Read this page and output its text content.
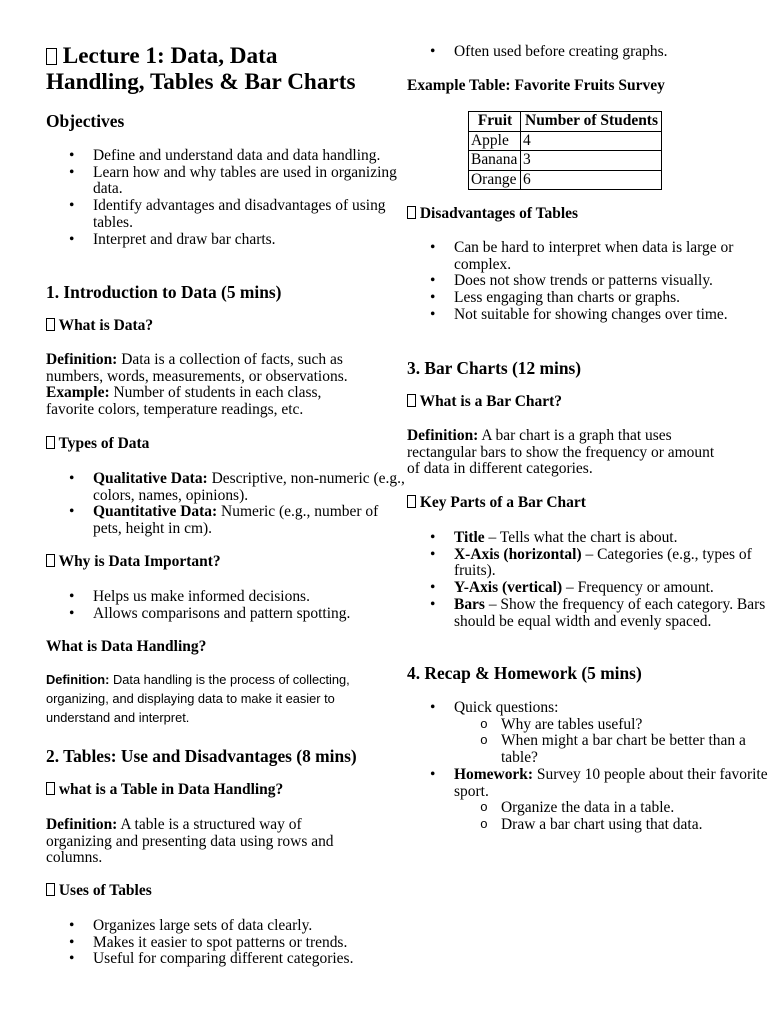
Lecture 1: Data, Data Handling, Tables & Bar Charts
Objectives
• Define and understand data and data handling.
• Learn how and why tables are used in organizing data.
• Identify advantages and disadvantages of using tables.
• Interpret and draw bar charts.
1. Introduction to Data (5 mins)
What is Data?

Definition: Data is a collection of facts, such as numbers, words, measurements, or observations.

Example: Number of students in each class, favorite colors, temperature readings, etc.

Types of Data
• Qualitative Data: Descriptive, non-numeric (e.g., colors, names, opinions).
• Quantitative Data: Numeric (e.g., number of pets, height in cm).
Why is Data Important?
• Helps us make informed decisions.
• Allows comparisons and pattern spotting.
What is Data Handling?

Definition: Data handling is the process of collecting, organizing, and displaying data to make it easier to understand and interpret.

2. Tables: Use and Disadvantages (8 mins)
what is a Table in Data Handling?

Definition: A table is a structured way of organizing and presenting data using rows and columns.

Uses of Tables
• Organizes large sets of data clearly.
• Makes it easier to spot patterns or trends.
• Useful for comparing different categories.
• Often used before creating graphs.
Example Table: Favorite Fruits Survey
Fruit	Number of Students
Apple	4
Banana	3
Orange	6
Disadvantages of Tables
• Can be hard to interpret when data is large or complex.
• Does not show trends or patterns visually.
• Less engaging than charts or graphs.
• Not suitable for showing changes over time.
3. Bar Charts (12 mins)
What is a Bar Chart?

Definition: A bar chart is a graph that uses rectangular bars to show the frequency or amount of data in different categories.

Key Parts of a Bar Chart
• Title – Tells what the chart is about.
• X-Axis (horizontal) – Categories (e.g., types of fruits).
• Y-Axis (vertical) – Frequency or amount.
• Bars – Show the frequency of each category. Bars should be equal width and evenly spaced.
4. Recap & Homework (5 mins)
• Quick questions:
o Why are tables useful?
o When might a bar chart be better than a table?
• Homework: Survey 10 people about their favorite sport.
o Organize the data in a table.
o Draw a bar chart using that data.
